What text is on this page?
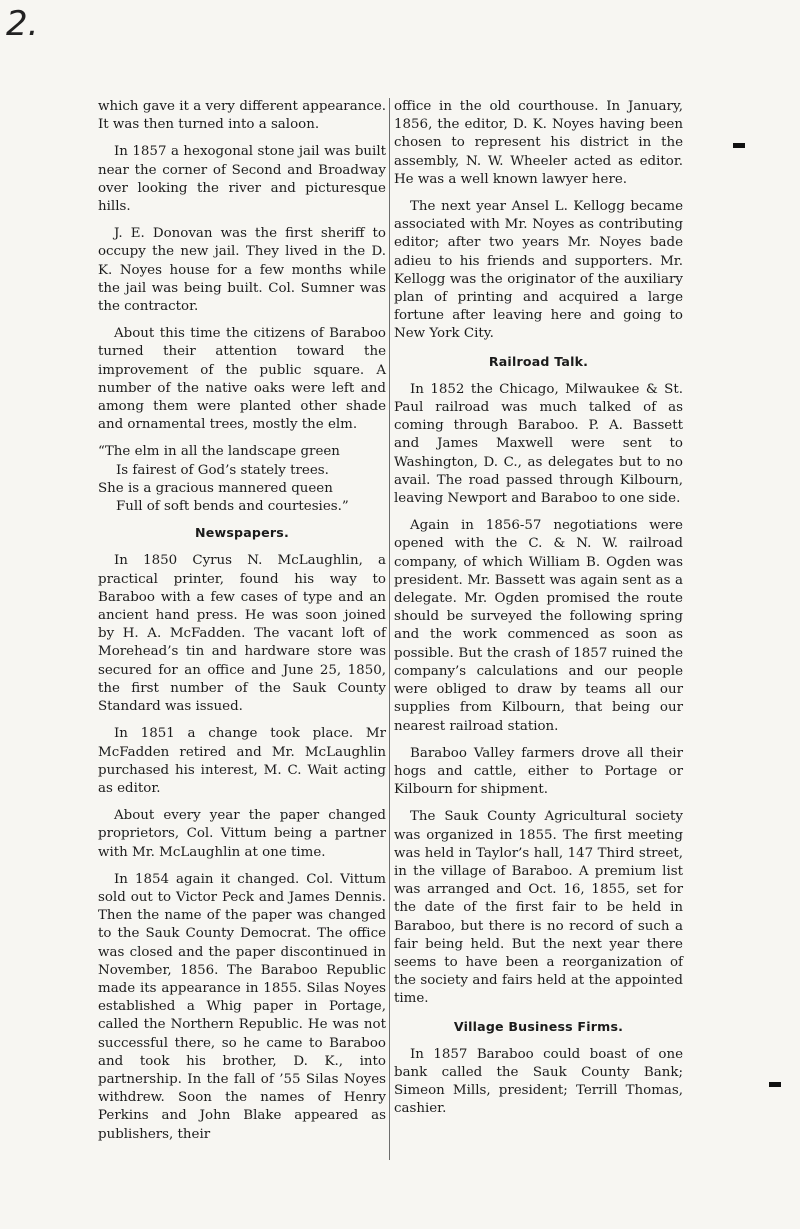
2.

which gave it a very different appearance. It was then turned into a saloon.

In 1857 a hexogonal stone jail was built near the corner of Second and Broadway over looking the river and picturesque hills.

J. E. Donovan was the first sheriff to occupy the new jail. They lived in the D. K. Noyes house for a few months while the jail was being built. Col. Sumner was the contractor.

About this time the citizens of Baraboo turned their attention toward the improvement of the public square. A number of the native oaks were left and among them were planted other shade and ornamental trees, mostly the elm.

“The elm in all the landscape green
Is fairest of God’s stately trees.
She is a gracious mannered queen
Full of soft bends and courtesies.”
Newspapers.

In 1850 Cyrus N. McLaughlin, a practical printer, found his way to Baraboo with a few cases of type and an ancient hand press. He was soon joined by H. A. McFadden. The vacant loft of Morehead’s tin and hardware store was secured for an office and June 25, 1850, the first number of the Sauk County Standard was issued.

In 1851 a change took place. Mr McFadden retired and Mr. McLaughlin purchased his interest, M. C. Wait acting as editor.

About every year the paper changed proprietors, Col. Vittum being a partner with Mr. McLaughlin at one time.

In 1854 again it changed. Col. Vittum sold out to Victor Peck and James Dennis. Then the name of the paper was changed to the Sauk County Democrat. The office was closed and the paper discontinued in November, 1856. The Baraboo Republic made its appearance in 1855. Silas Noyes established a Whig paper in Portage, called the Northern Republic. He was not successful there, so he came to Baraboo and took his brother, D. K., into partnership. In the fall of ’55 Silas Noyes withdrew. Soon the names of Henry Perkins and John Blake appeared as publishers, their

office in the old courthouse. In January, 1856, the editor, D. K. Noyes having been chosen to represent his district in the assembly, N. W. Wheeler acted as editor. He was a well known lawyer here.

The next year Ansel L. Kellogg became associated with Mr. Noyes as contributing editor; after two years Mr. Noyes bade adieu to his friends and supporters. Mr. Kellogg was the originator of the auxiliary plan of printing and acquired a large fortune after leaving here and going to New York City.

Railroad Talk.

In 1852 the Chicago, Milwaukee & St. Paul railroad was much talked of as coming through Baraboo. P. A. Bassett and James Maxwell were sent to Washington, D. C., as delegates but to no avail. The road passed through Kilbourn, leaving Newport and Baraboo to one side.

Again in 1856-57 negotiations were opened with the C. & N. W. railroad company, of which William B. Ogden was president. Mr. Bassett was again sent as a delegate. Mr. Ogden promised the route should be surveyed the following spring and the work commenced as soon as possible. But the crash of 1857 ruined the company’s calculations and our people were obliged to draw by teams all our supplies from Kilbourn, that being our nearest railroad station.

Baraboo Valley farmers drove all their hogs and cattle, either to Portage or Kilbourn for shipment.

The Sauk County Agricultural society was organized in 1855. The first meeting was held in Taylor’s hall, 147 Third street, in the village of Baraboo. A premium list was arranged and Oct. 16, 1855, set for the date of the first fair to be held in Baraboo, but there is no record of such a fair being held. But the next year there seems to have been a reorganization of the society and fairs held at the appointed time.

Village Business Firms.

In 1857 Baraboo could boast of one bank called the Sauk County Bank; Simeon Mills, president; Terrill Thomas, cashier.
